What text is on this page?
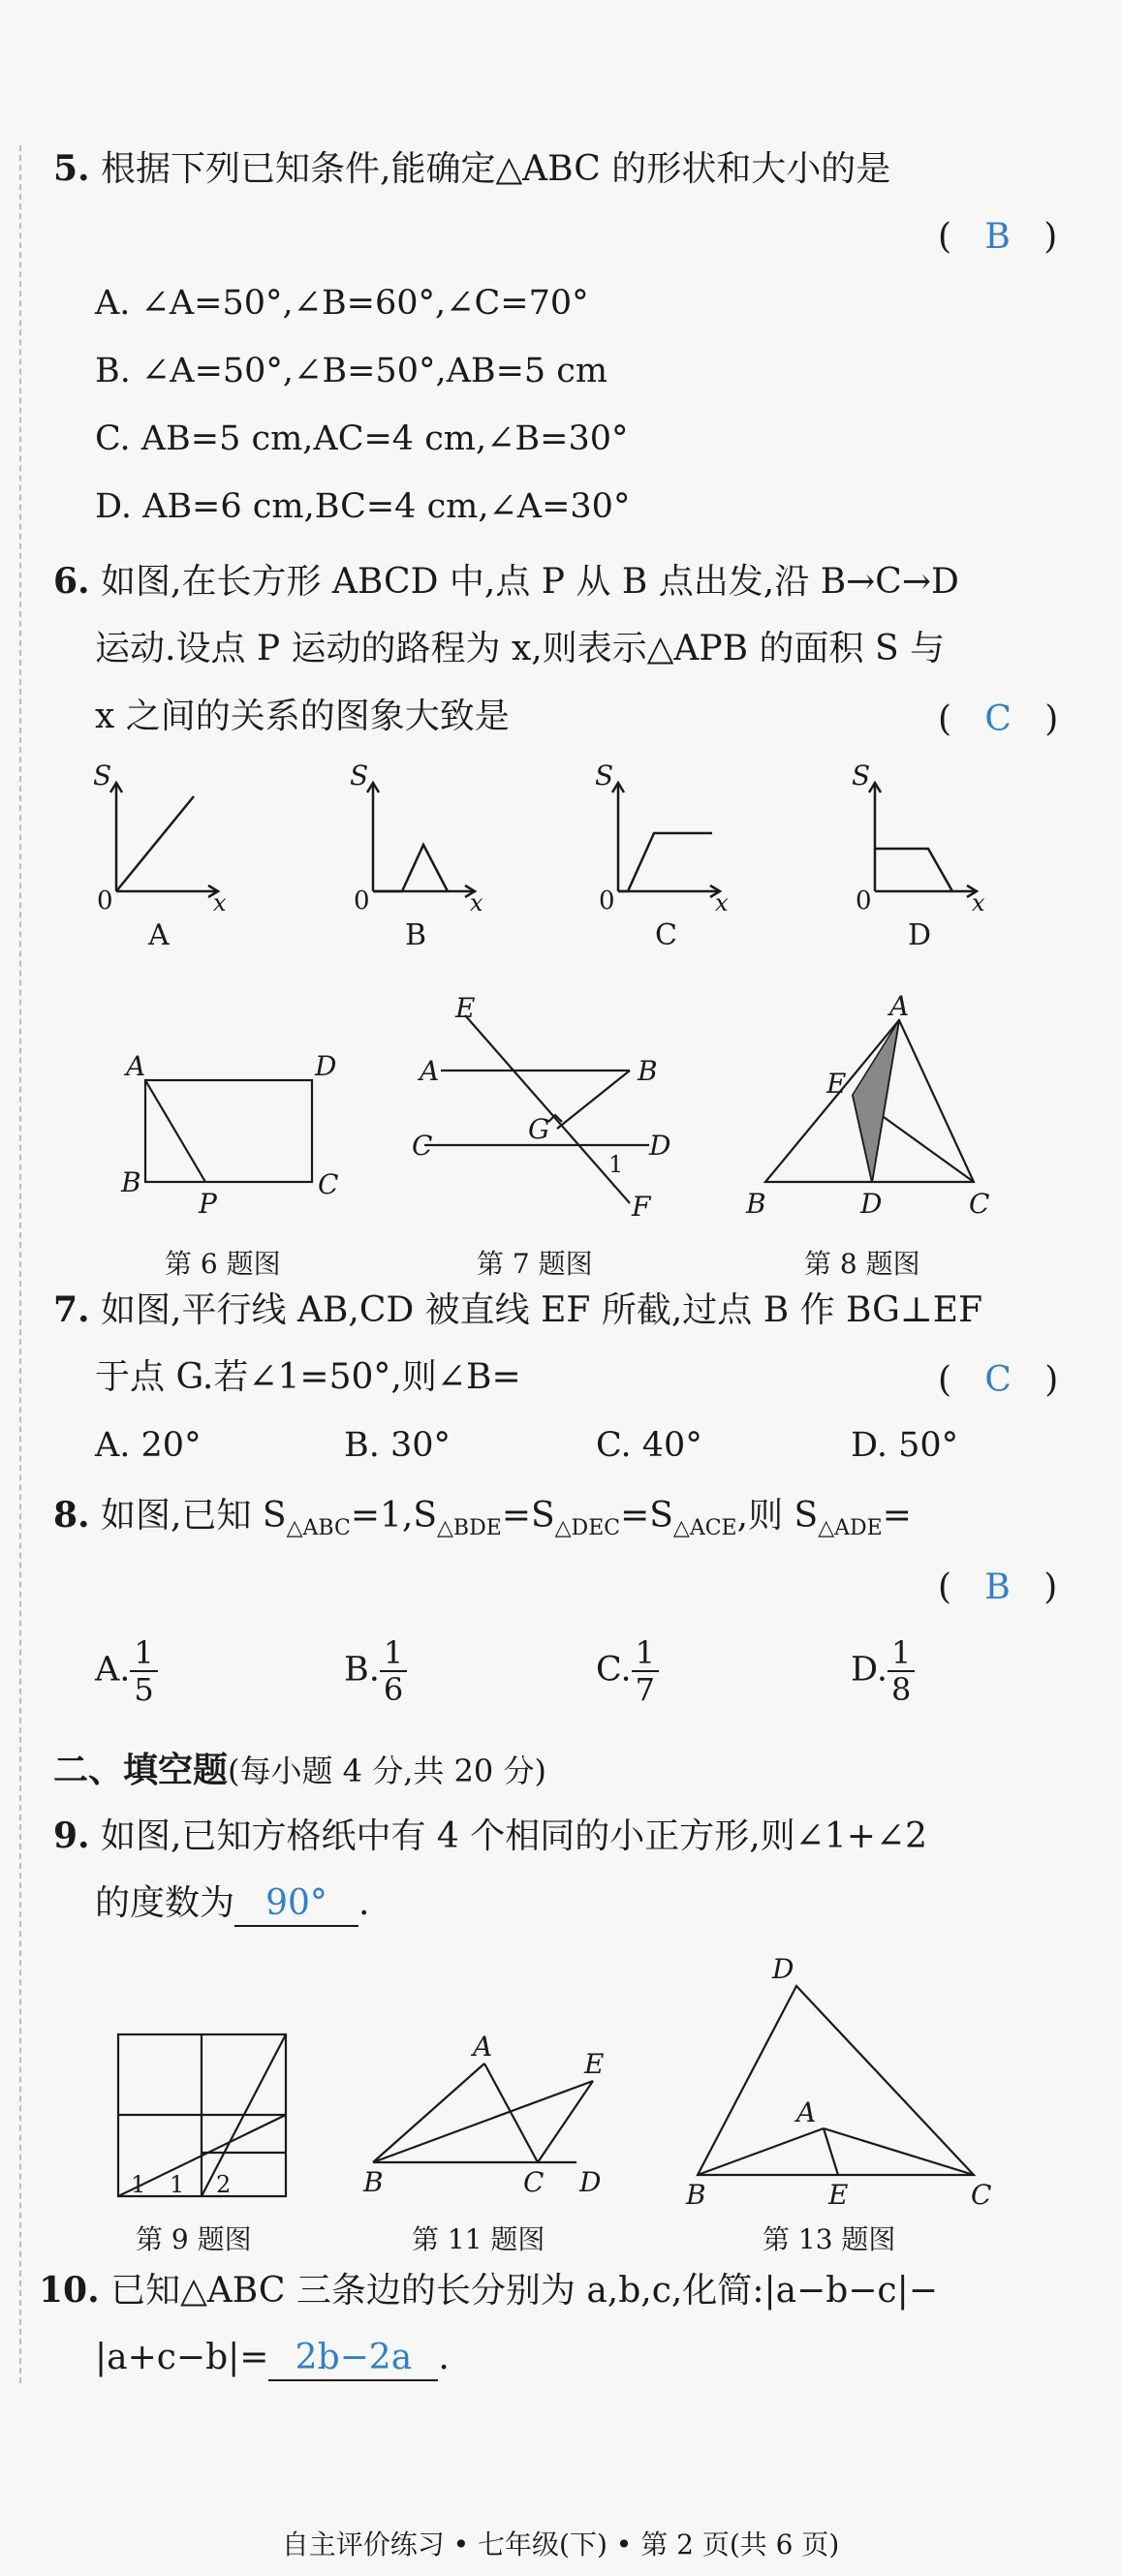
5. 根据下列已知条件,能确定△ABC 的形状和大小的是
( B )
A. ∠A=50°,∠B=60°,∠C=70°
B. ∠A=50°,∠B=50°,AB=5 cm
C. AB=5 cm,AC=4 cm,∠B=30°
D. AB=6 cm,BC=4 cm,∠A=30°
6. 如图,在长方形 ABCD 中,点 P 从 B 点出发,沿 B→C→D
运动.设点 P 运动的路程为 x,则表示△APB 的面积 S 与
x 之间的关系的图象大致是	( C )
S
0	x
S
0	x
S
0	x
S
0	x
A	B	C	D
A	D
B
P
C
E
A	B
C
G
D
1
F
A
E
B	D	C
第 6 题图	第 7 题图	第 8 题图
7. 如图,平行线 AB,CD 被直线 EF 所截,过点 B 作 BG⊥EF
于点 G.若∠1=50°,则∠B=	( C )
A. 20°	B. 30°	C. 40°	D. 50°
8. 如图,已知 $S_{\triangle ABC}=1,S_{\triangle BDE}=S_{\triangle DEC}=S_{\triangle ACE}$,则 $S_{\triangle ADE}=$
( B )
A. $\frac{1}{5}$	B. $\frac{1}{6}$	C. $\frac{1}{7}$	D. $\frac{1}{8}$
二、填空题(每小题 4 分,共 20 分)
9. 如图,已知方格纸中有 4 个相同的小正方形,则∠1+∠2
的度数为 90° .
1 1 2
A
E
B	C D
D
A
B	E	C
第 9 题图	第 11 题图	第 13 题图
10. 已知△ABC 三条边的长分别为 a,b,c,化简:|a−b−c|−
|a+c−b|= 2b−2a .
自主评价练习 • 七年级(下) • 第 2 页(共 6 页)
